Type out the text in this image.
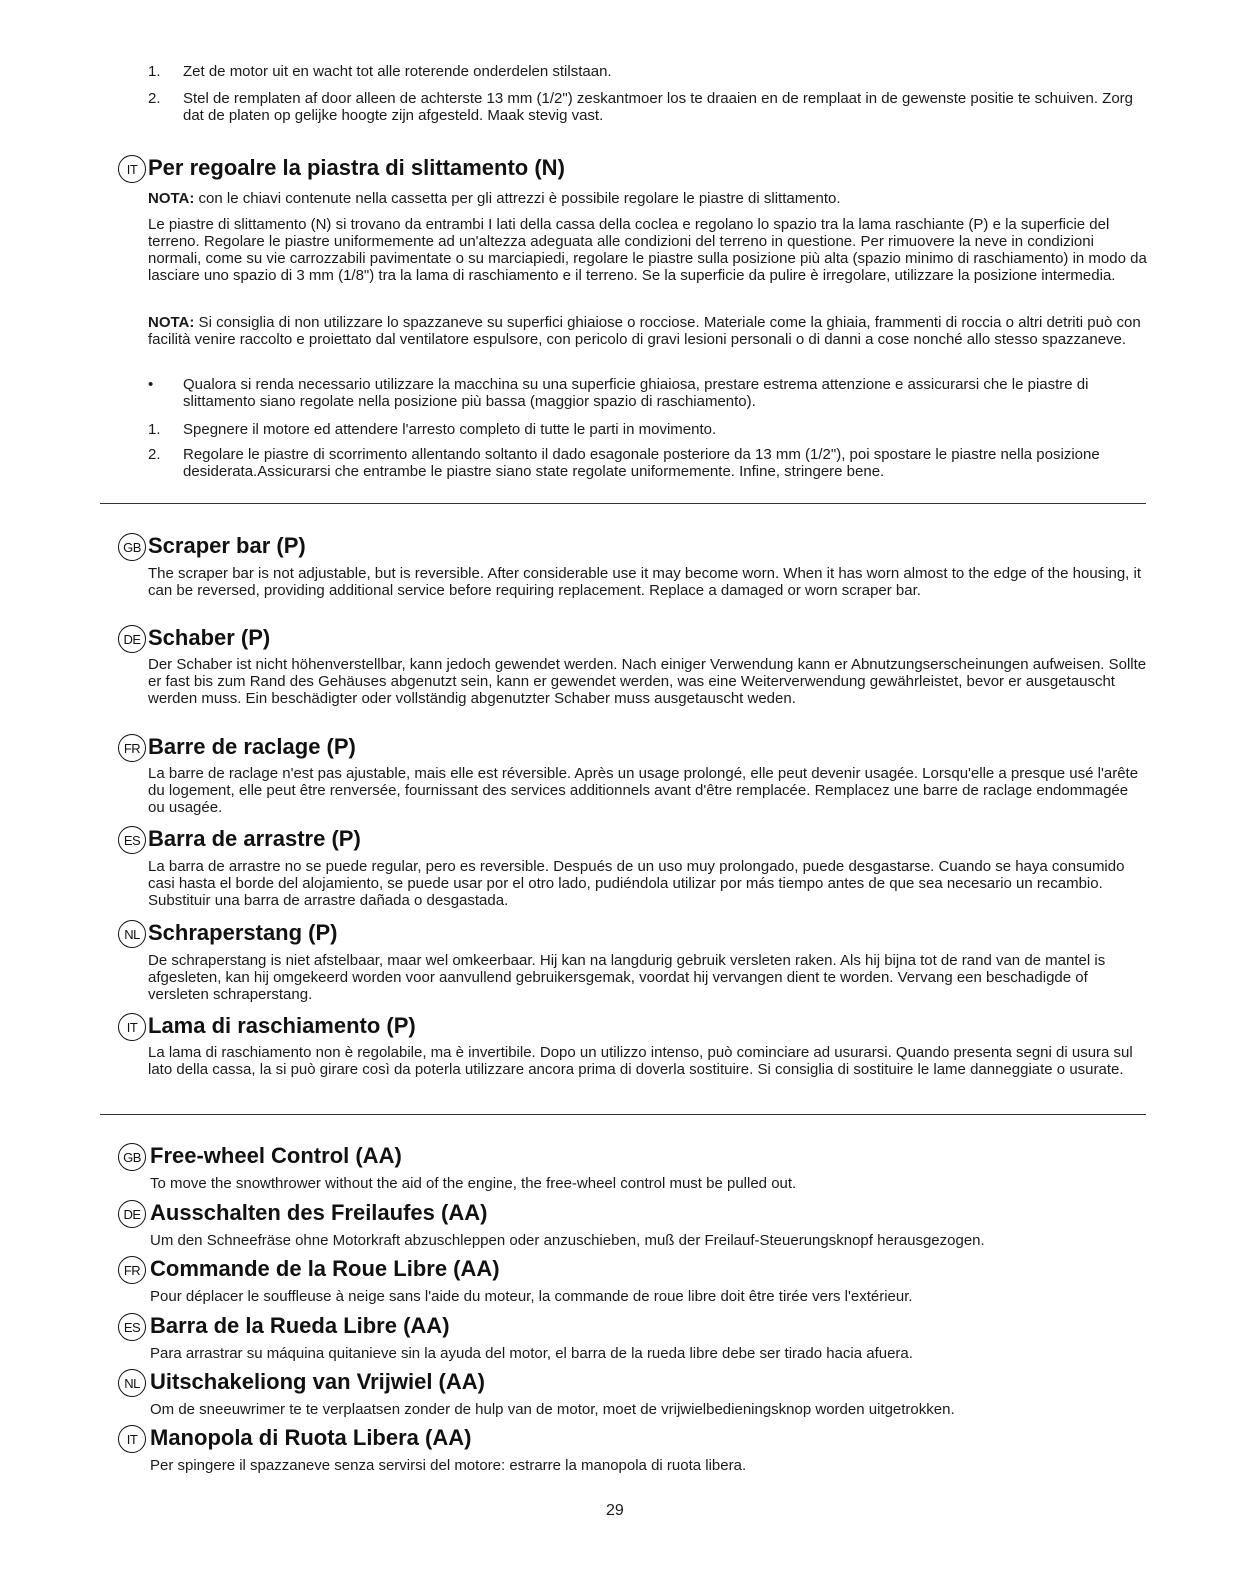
1. Zet de motor uit en wacht tot alle roterende onderdelen stilstaan.
2. Stel de remplaten af door alleen de achterste 13 mm (1/2") zeskantmoer los te draaien en de remplaat in de gewenste positie te schuiven. Zorg dat de platen op gelijke hoogte zijn afgesteld. Maak stevig vast.
IT Per regoalre la piastra di slittamento (N)
NOTA: con le chiavi contenute nella cassetta per gli attrezzi è possibile regolare le piastre di slittamento.
Le piastre di slittamento (N) si trovano da entrambi I lati della cassa della coclea e regolano lo spazio tra la lama raschiante (P) e la superficie del terreno. Regolare le piastre uniformemente ad un'altezza adeguata alle condizioni del terreno in questione. Per rimuovere la neve in condizioni normali, come su vie carrozzabili pavimentate o su marciapiedi, regolare le piastre sulla posizione più alta (spazio minimo di raschiamento) in modo da lasciare uno spazio di 3 mm (1/8") tra la lama di raschiamento e il terreno. Se la superficie da pulire è irregolare, utilizzare la posizione intermedia.
NOTA: Si consiglia di non utilizzare lo spazzaneve su superfici ghiaiose o rocciose. Materiale come la ghiaia, frammenti di roccia o altri detriti può con facilità venire raccolto e proiettato dal ventilatore espulsore, con pericolo di gravi lesioni personali o di danni a cose nonché allo stesso spazzaneve.
• Qualora si renda necessario utilizzare la macchina su una superficie ghiaiosa, prestare estrema attenzione e assicurarsi che le piastre di slittamento siano regolate nella posizione più bassa (maggior spazio di raschiamento).
1. Spegnere il motore ed attendere l'arresto completo di tutte le parti in movimento.
2. Regolare le piastre di scorrimento allentando soltanto il dado esagonale posteriore da 13 mm (1/2"), poi spostare le piastre nella posizione desiderata.Assicurarsi che entrambe le piastre siano state regolate uniformemente. Infine, stringere bene.
GB Scraper bar (P)
The scraper bar is not adjustable, but is reversible. After considerable use it may become worn. When it has worn almost to the edge of the housing, it can be reversed, providing additional service before requiring replacement. Replace a damaged or worn scraper bar.
DE Schaber (P)
Der Schaber ist nicht höhenverstellbar, kann jedoch gewendet werden. Nach einiger Verwendung kann er Abnutzungserscheinungen aufweisen. Sollte er fast bis zum Rand des Gehäuses abgenutzt sein, kann er gewendet werden, was eine Weiterverwendung gewährleistet, bevor er ausgetauscht werden muss. Ein beschädigter oder vollständig abgenutzter Schaber muss ausgetauscht weden.
FR Barre de raclage (P)
La barre de raclage n'est pas ajustable, mais elle est réversible. Après un usage prolongé, elle peut devenir usagée. Lorsqu'elle a presque usé l'arête du logement, elle peut être renversée, fournissant des services additionnels avant d'être remplacée. Remplacez une barre de raclage endommagée ou usagée.
ES Barra de arrastre (P)
La barra de arrastre no se puede regular, pero es reversible. Después de un uso muy prolongado, puede desgastarse. Cuando se haya consumido casi hasta el borde del alojamiento, se puede usar por el otro lado, pudiéndola utilizar por más tiempo antes de que sea necesario un recambio. Substituir una barra de arrastre dañada o desgastada.
NL Schraperstang (P)
De schraperstang is niet afstelbaar, maar wel omkeerbaar. Hij kan na langdurig gebruik versleten raken. Als hij bijna tot de rand van de mantel is afgesleten, kan hij omgekeerd worden voor aanvullend gebruikersgemak, voordat hij vervangen dient te worden. Vervang een beschadigde of versleten schraperstang.
IT Lama di raschiamento (P)
La lama di raschiamento non è regolabile, ma è invertibile. Dopo un utilizzo intenso, può cominciare ad usurarsi. Quando presenta segni di usura sul lato della cassa, la si può girare così da poterla utilizzare ancora prima di doverla sostituire. Si consiglia di sostituire le lame danneggiate o usurate.
GB Free-wheel Control (AA)
To move the snowthrower without the aid of the engine, the free-wheel control must be pulled out.
DE Ausschalten des Freilaufes (AA)
Um den Schneefräse ohne Motorkraft abzuschleppen oder anzuschieben, muß der Freilauf-Steuerungsknopf herausgezogen.
FR Commande de la Roue Libre (AA)
Pour déplacer le souffleuse à neige sans l'aide du moteur, la commande de roue libre doit être tirée vers l'extérieur.
ES Barra de la Rueda Libre (AA)
Para arrastrar su máquina quitanieve sin la ayuda del motor, el barra de la rueda libre debe ser tirado hacia afuera.
NL Uitschakeliong van Vrijwiel (AA)
Om de sneeuwrimer te te verplaatsen zonder de hulp van de motor, moet de vrijwielbedieningsknop worden uitgetrokken.
IT Manopola di Ruota Libera (AA)
Per spingere il spazzaneve senza servirsi del motore: estrarre la manopola di ruota libera.
29
